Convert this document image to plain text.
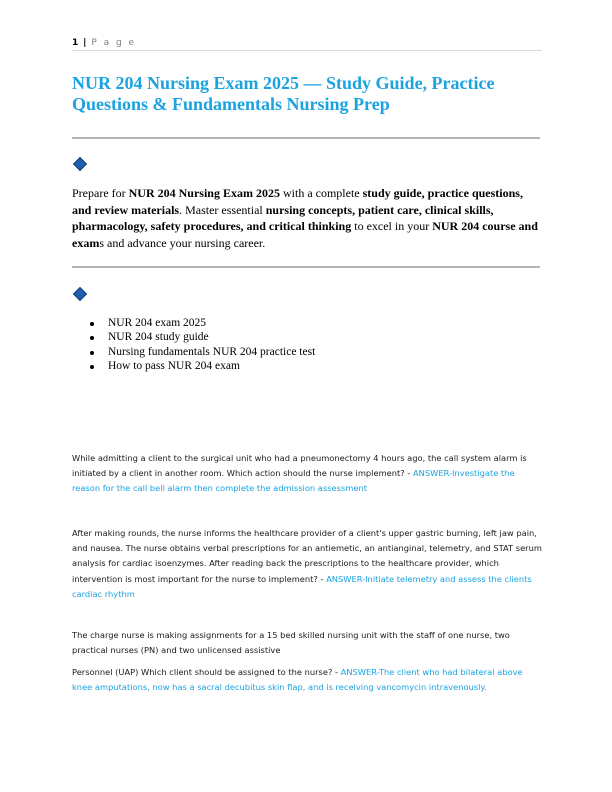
1 | P a g e
NUR 204 Nursing Exam 2025 — Study Guide, Practice Questions & Fundamentals Nursing Prep

Prepare for NUR 204 Nursing Exam 2025 with a complete study guide, practice questions, and review materials. Master essential nursing concepts, patient care, clinical skills, pharmacology, safety procedures, and critical thinking to excel in your NUR 204 course and exams and advance your nursing career.

NUR 204 exam 2025
NUR 204 study guide
Nursing fundamentals NUR 204 practice test
How to pass NUR 204 exam

While admitting a client to the surgical unit who had a pneumonectomy 4 hours ago, the call system alarm is initiated by a client in another room. Which action should the nurse implement? - ANSWER-Investigate the reason for the call bell alarm then complete the admission assessment

After making rounds, the nurse informs the healthcare provider of a client's upper gastric burning, left jaw pain, and nausea. The nurse obtains verbal prescriptions for an antiemetic, an antianginal, telemetry, and STAT serum analysis for cardiac isoenzymes. After reading back the prescriptions to the healthcare provider, which intervention is most important for the nurse to implement? - ANSWER-Initiate telemetry and assess the clients cardiac rhythm

The charge nurse is making assignments for a 15 bed skilled nursing unit with the staff of one nurse, two practical nurses (PN) and two unlicensed assistive

Personnel (UAP) Which client should be assigned to the nurse? - ANSWER-The client who had bilateral above knee amputations, now has a sacral decubitus skin flap, and is receiving vancomycin intravenously.
